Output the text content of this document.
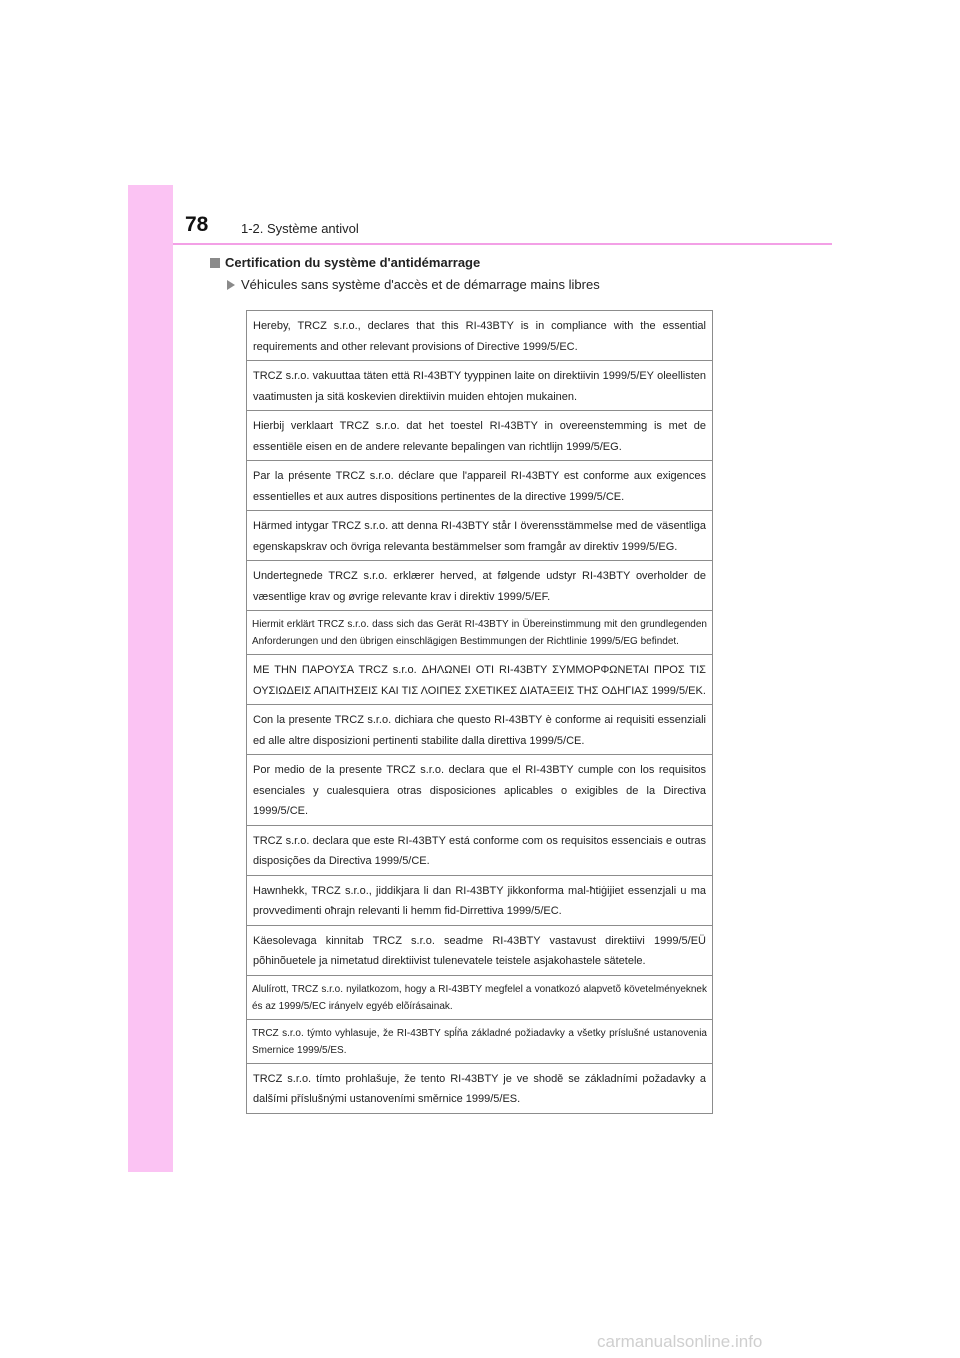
78	1-2. Système antivol
Certification du système d'antidémarrage
Véhicules sans système d'accès et de démarrage mains libres
Hereby, TRCZ s.r.o., declares that this RI-43BTY is in compliance with the essential requirements and other relevant provisions of Directive 1999/5/EC.
TRCZ s.r.o. vakuuttaa täten että RI-43BTY tyyppinen laite on direktiivin 1999/5/EY oleellisten vaatimusten ja sitä koskevien direktiivin muiden ehtojen mukainen.
Hierbij verklaart TRCZ s.r.o. dat het toestel RI-43BTY in overeenstemming is met de essentiële eisen en de andere relevante bepalingen van richtlijn 1999/5/EG.
Par la présente TRCZ s.r.o. déclare que l'appareil RI-43BTY est conforme aux exigences essentielles et aux autres dispositions pertinentes de la directive 1999/5/CE.
Härmed intygar TRCZ s.r.o. att denna RI-43BTY står I överensstämmelse med de väsentliga egenskapskrav och övriga relevanta bestämmelser som framgår av direktiv 1999/5/EG.
Undertegnede TRCZ s.r.o. erklærer herved, at følgende udstyr RI-43BTY overholder de væsentlige krav og øvrige relevante krav i direktiv 1999/5/EF.
Hiermit erklärt TRCZ s.r.o. dass sich das Gerät RI-43BTY in Übereinstimmung mit den grundlegenden Anforderungen und den übrigen einschlägigen Bestimmungen der Richtlinie 1999/5/EG befindet.
ΜΕ ΤΗΝ ΠΑΡΟΥΣΑ TRCZ s.r.o. ΔΗΛΩΝΕΙ ΟΤΙ RI-43BTY ΣΥΜΜΟΡΦΩΝΕΤΑΙ ΠΡΟΣ ΤΙΣ ΟΥΣΙΩΔΕΙΣ ΑΠΑΙΤΗΣΕΙΣ ΚΑΙ ΤΙΣ ΛΟΙΠΕΣ ΣΧΕΤΙΚΕΣ ΔΙΑΤΑΞΕΙΣ ΤΗΣ ΟΔΗΓΙΑΣ 1999/5/ΕΚ.
Con la presente TRCZ s.r.o. dichiara che questo RI-43BTY è conforme ai requisiti essenziali ed alle altre disposizioni pertinenti stabilite dalla direttiva 1999/5/CE.
Por medio de la presente TRCZ s.r.o. declara que el RI-43BTY cumple con los requisitos esenciales y cualesquiera otras disposiciones aplicables o exigibles de la Directiva 1999/5/CE.
TRCZ s.r.o. declara que este RI-43BTY está conforme com os requisitos essenciais e outras disposições da Directiva 1999/5/CE.
Hawnhekk, TRCZ s.r.o., jiddikjara li dan RI-43BTY jikkonforma mal-ħtiġijiet essenzjali u ma provvedimenti oħrajn relevanti li hemm fid-Dirrettiva 1999/5/EC.
Käesolevaga kinnitab TRCZ s.r.o. seadme RI-43BTY vastavust direktiivi 1999/5/EÜ põhinõuetele ja nimetatud direktiivist tulenevatele teistele asjakohastele sätetele.
Alulírott, TRCZ s.r.o. nyilatkozom, hogy a RI-43BTY megfelel a vonatkozó alapvetõ követelményeknek és az 1999/5/EC irányelv egyéb elõírásainak.
TRCZ s.r.o. týmto vyhlasuje, že RI-43BTY spĺňa základné požiadavky a všetky príslušné ustanovenia Smernice 1999/5/ES.
TRCZ s.r.o. tímto prohlašuje, že tento RI-43BTY je ve shodě se základními požadavky a dalšími příslušnými ustanoveními směrnice 1999/5/ES.
carmanualsonline.info
